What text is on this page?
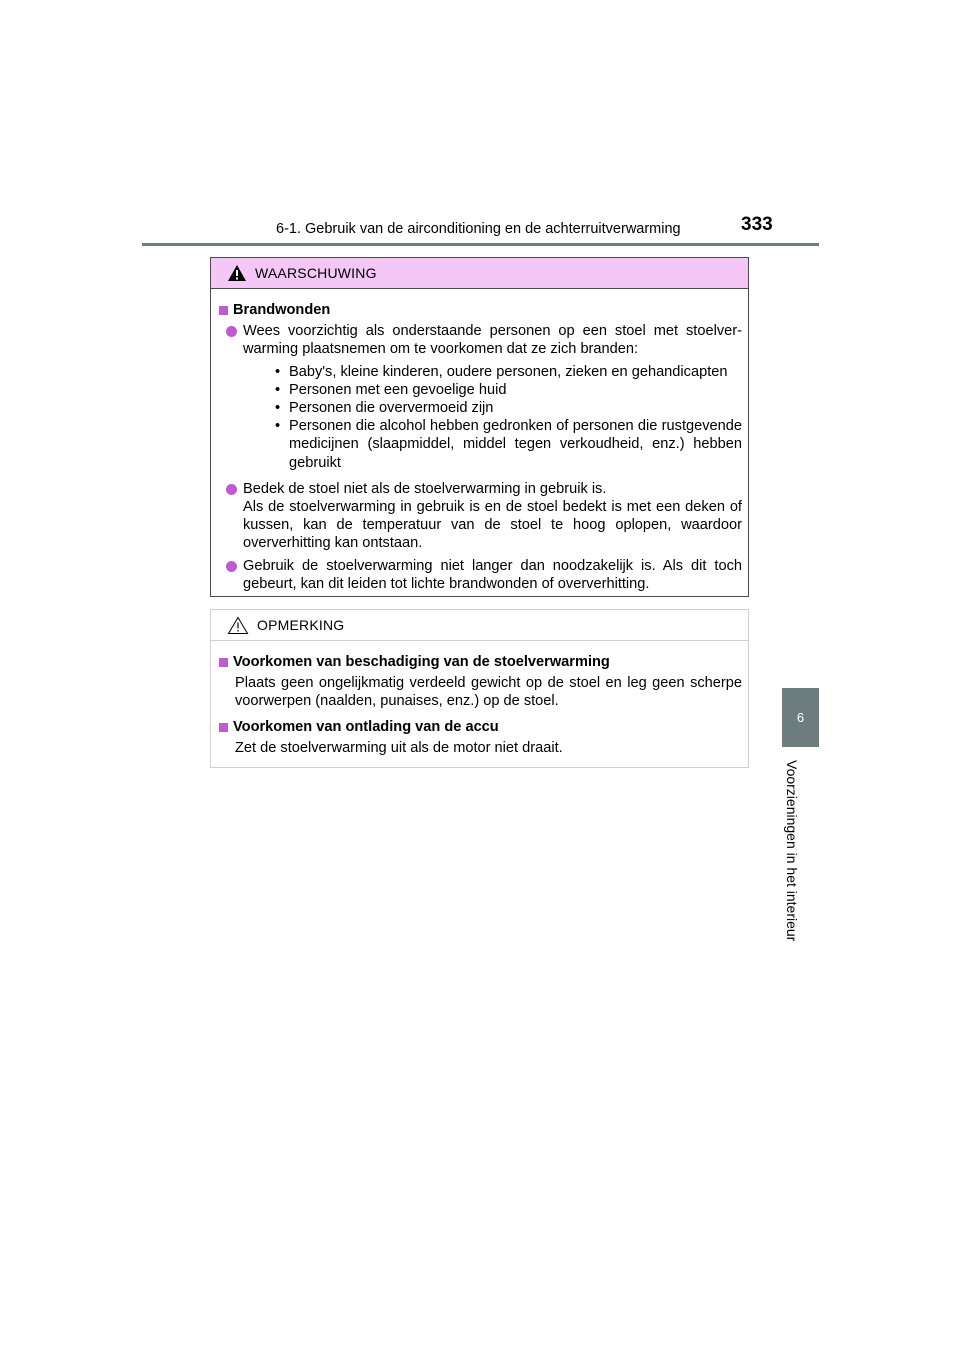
6-1. Gebruik van de airconditioning en de achterruitverwarming	333
6
Voorzieningen in het interieur
WAARSCHUWING
Brandwonden
Wees voorzichtig als onderstaande personen op een stoel met stoelverwarming plaatsnemen om te voorkomen dat ze zich branden:
• Baby's, kleine kinderen, oudere personen, zieken en gehandicapten
• Personen met een gevoelige huid
• Personen die oververmoeid zijn
• Personen die alcohol hebben gedronken of personen die rustgevende medicijnen (slaapmiddel, middel tegen verkoudheid, enz.) hebben gebruikt
Bedek de stoel niet als de stoelverwarming in gebruik is.
Als de stoelverwarming in gebruik is en de stoel bedekt is met een deken of kussen, kan de temperatuur van de stoel te hoog oplopen, waardoor oververhitting kan ontstaan.
Gebruik de stoelverwarming niet langer dan noodzakelijk is. Als dit toch gebeurt, kan dit leiden tot lichte brandwonden of oververhitting.
OPMERKING
Voorkomen van beschadiging van de stoelverwarming
Plaats geen ongelijkmatig verdeeld gewicht op de stoel en leg geen scherpe voorwerpen (naalden, punaises, enz.) op de stoel.
Voorkomen van ontlading van de accu
Zet de stoelverwarming uit als de motor niet draait.
